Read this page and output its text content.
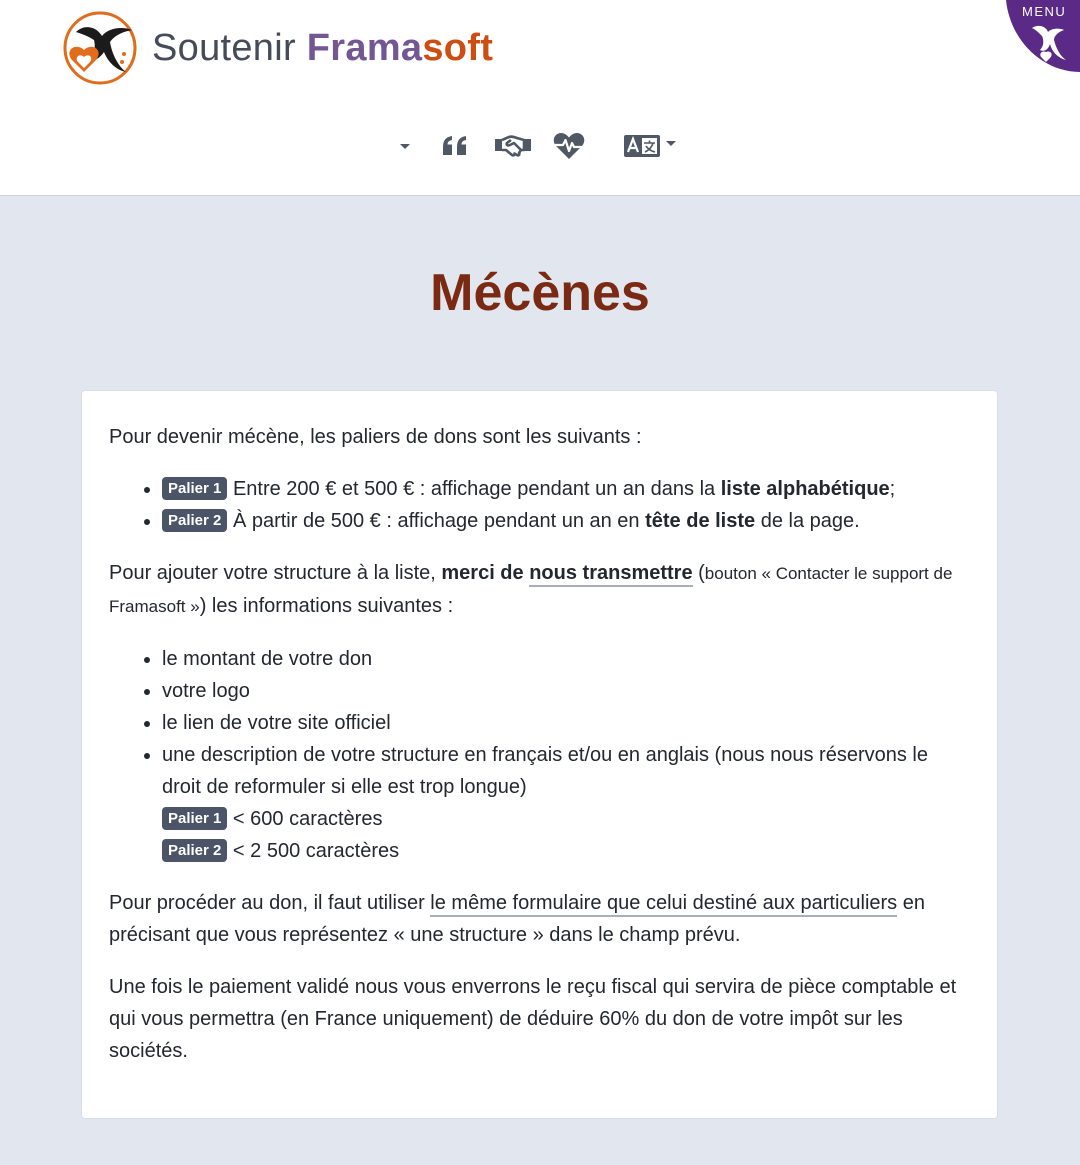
Soutenir Framasoft
MENU
Mécènes

Pour devenir mécène, les paliers de dons sont les suivants :

• Palier 1 Entre 200 € et 500 € : affichage pendant un an dans la liste alphabétique;
• Palier 2 À partir de 500 € : affichage pendant un an en tête de liste de la page.

Pour ajouter votre structure à la liste, merci de nous transmettre (bouton « Contacter le support de Framasoft ») les informations suivantes :

• le montant de votre don
• votre logo
• le lien de votre site officiel
• une description de votre structure en français et/ou en anglais (nous nous réservons le droit de reformuler si elle est trop longue)
Palier 1 < 600 caractères
Palier 2 < 2 500 caractères

Pour procéder au don, il faut utiliser le même formulaire que celui destiné aux particuliers en précisant que vous représentez « une structure » dans le champ prévu.

Une fois le paiement validé nous vous enverrons le reçu fiscal qui servira de pièce comptable et qui vous permettra (en France uniquement) de déduire 60% du don de votre impôt sur les sociétés.
